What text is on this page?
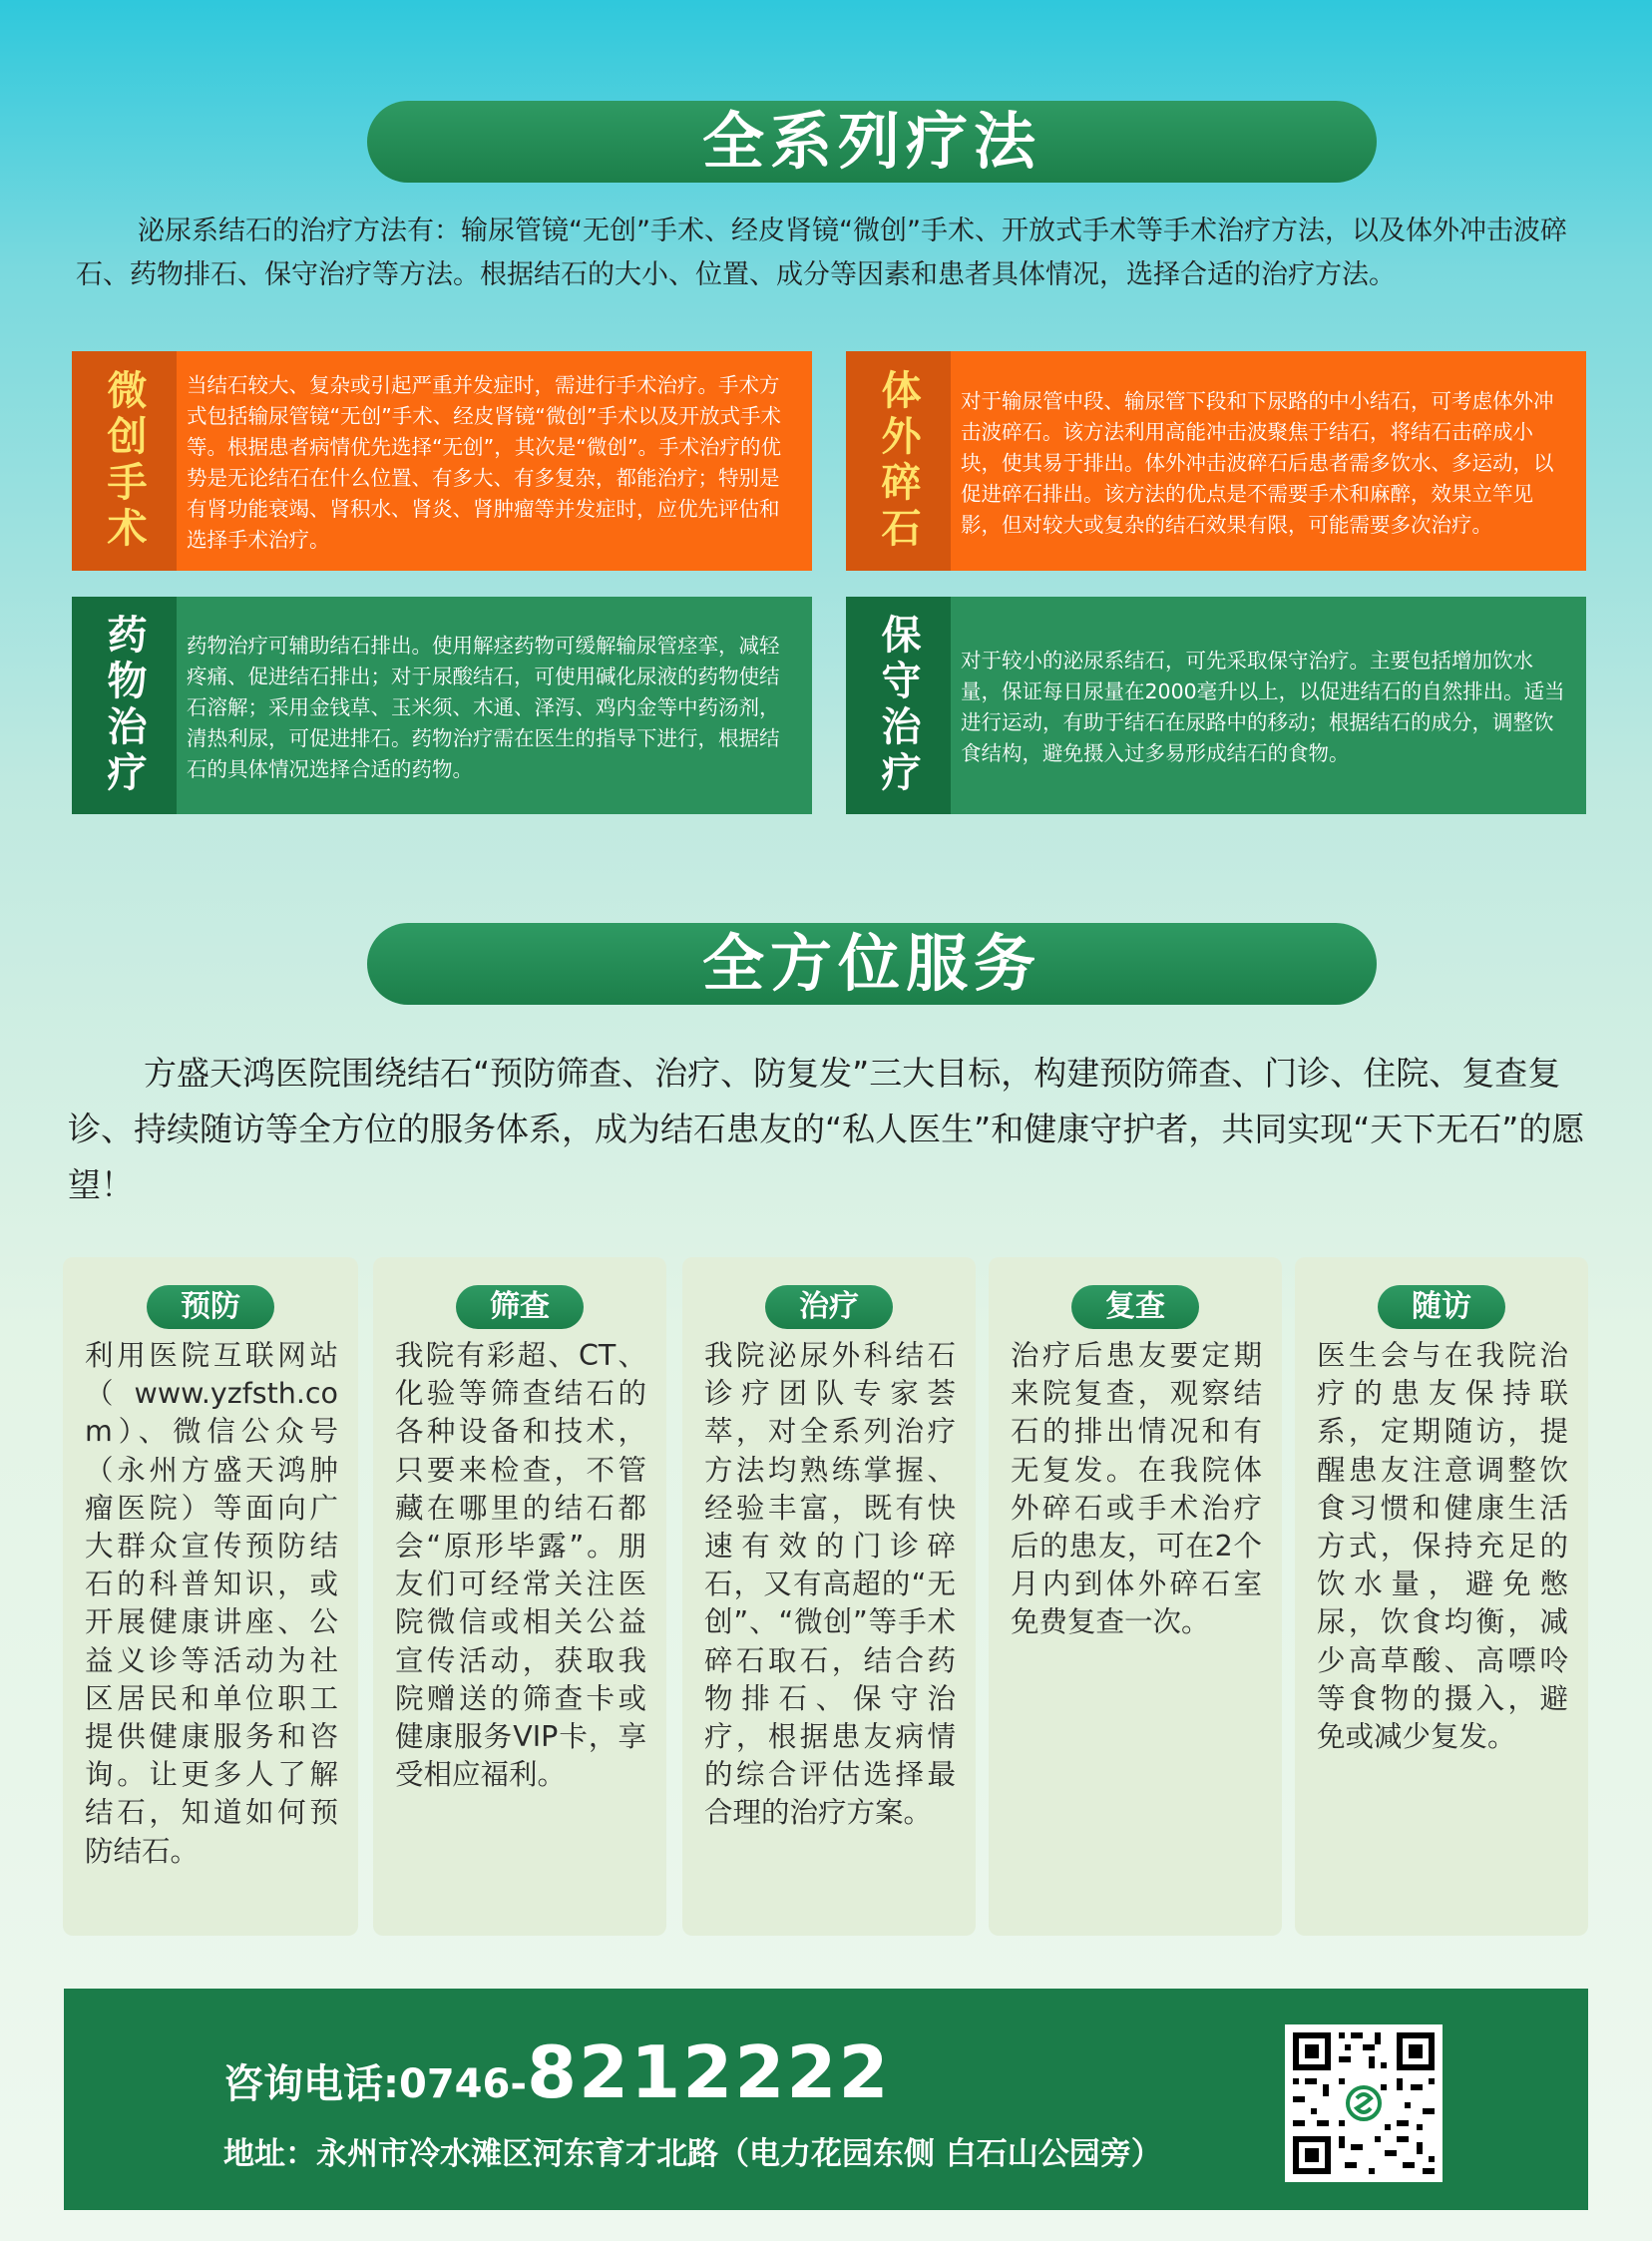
全系列疗法
泌尿系结石的治疗方法有：输尿管镜“无创”手术、经皮肾镜“微创”手术、开放式手术等手术治疗方法，以及体外冲击波碎石、药物排石、保守治疗等方法。根据结石的大小、位置、成分等因素和患者具体情况，选择合适的治疗方法。
微创手术 当结石较大、复杂或引起严重并发症时，需进行手术治疗。手术方式包括输尿管镜“无创”手术、经皮肾镜“微创”手术以及开放式手术等。根据患者病情优先选择“无创”，其次是“微创”。手术治疗的优势是无论结石在什么位置、有多大、有多复杂，都能治疗；特别是有肾功能衰竭、肾积水、肾炎、肾肿瘤等并发症时，应优先评估和选择手术治疗。	体外碎石 对于输尿管中段、输尿管下段和下尿路的中小结石，可考虑体外冲击波碎石。该方法利用高能冲击波聚焦于结石，将结石击碎成小块，使其易于排出。体外冲击波碎石后患者需多饮水、多运动，以促进碎石排出。该方法的优点是不需要手术和麻醉，效果立竿见影，但对较大或复杂的结石效果有限，可能需要多次治疗。
药物治疗 药物治疗可辅助结石排出。使用解痉药物可缓解输尿管痉挛，减轻疼痛、促进结石排出；对于尿酸结石，可使用碱化尿液的药物使结石溶解；采用金钱草、玉米须、木通、泽泻、鸡内金等中药汤剂，清热利尿，可促进排石。药物治疗需在医生的指导下进行，根据结石的具体情况选择合适的药物。	保守治疗 对于较小的泌尿系结石，可先采取保守治疗。主要包括增加饮水量，保证每日尿量在2000毫升以上，以促进结石的自然排出。适当进行运动，有助于结石在尿路中的移动；根据结石的成分，调整饮食结构，避免摄入过多易形成结石的食物。
全方位服务
方盛天鸿医院围绕结石“预防筛查、治疗、防复发”三大目标，构建预防筛查、门诊、住院、复查复诊、持续随访等全方位的服务体系，成为结石患友的“私人医生”和健康守护者，共同实现“天下无石”的愿望！
预防
利用医院互联网站（www.yzfsth.com）、微信公众号（永州方盛天鸿肿瘤医院）等面向广大群众宣传预防结石的科普知识，或开展健康讲座、公益义诊等活动为社区居民和单位职工提供健康服务和咨询。让更多人了解结石，知道如何预防结石。
筛查
我院有彩超、CT、化验等筛查结石的各种设备和技术，只要来检查，不管藏在哪里的结石都会“原形毕露”。朋友们可经常关注医院微信或相关公益宣传活动，获取我院赠送的筛查卡或健康服务VIP卡，享受相应福利。
治疗
我院泌尿外科结石诊疗团队专家荟萃，对全系列治疗方法均熟练掌握、经验丰富，既有快速有效的门诊碎石，又有高超的“无创”、“微创”等手术碎石取石，结合药物排石、保守治疗，根据患友病情的综合评估选择最合理的治疗方案。
复查
治疗后患友要定期来院复查，观察结石的排出情况和有无复发。在我院体外碎石或手术治疗后的患友，可在2个月内到体外碎石室免费复查一次。
随访
医生会与在我院治疗的患友保持联系，定期随访，提醒患友注意调整饮食习惯和健康生活方式，保持充足的饮水量，避免憋尿，饮食均衡，减少高草酸、高嘌呤等食物的摄入，避免或减少复发。
咨询电话:0746-8212222
地址：永州市冷水滩区河东育才北路（电力花园东侧 白石山公园旁）
